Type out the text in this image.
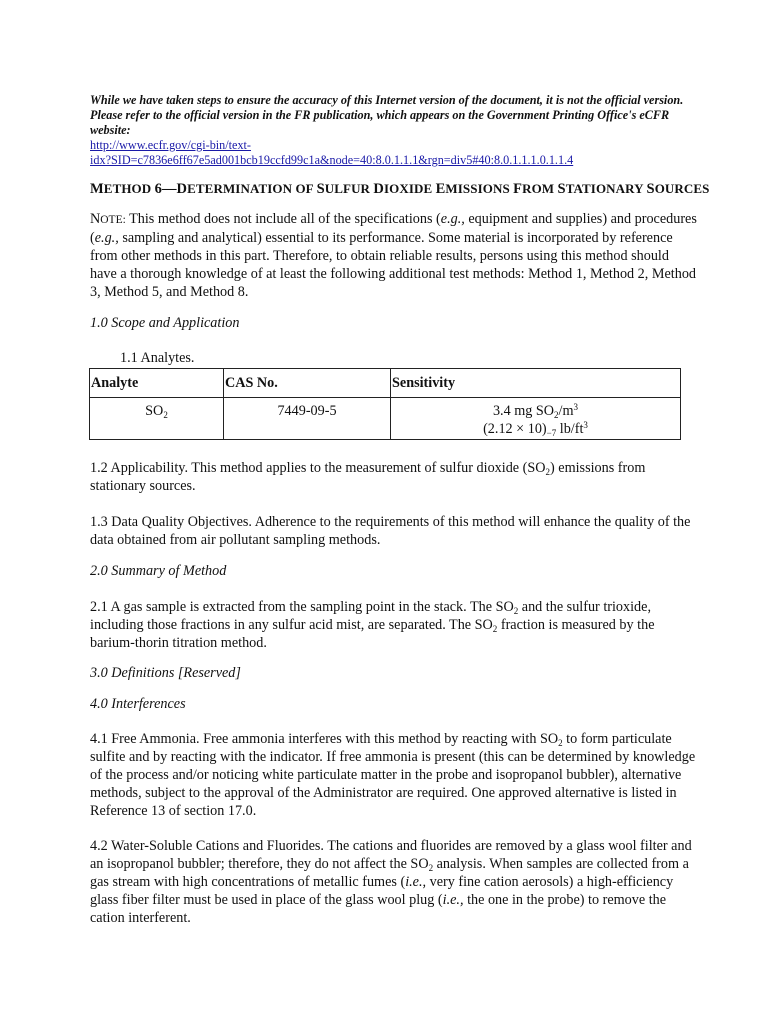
While we have taken steps to ensure the accuracy of this Internet version of the document, it is not the official version. Please refer to the official version in the FR publication, which appears on the Government Printing Office's eCFR website:
http://www.ecfr.gov/cgi-bin/text-
idx?SID=c7836e6ff67e5ad001bcb19ccfd99c1a&node=40:8.0.1.1.1&rgn=div5#40:8.0.1.1.1.0.1.1.4
METHOD 6—DETERMINATION OF SULFUR DIOXIDE EMISSIONS FROM STATIONARY SOURCES
NOTE: This method does not include all of the specifications (e.g., equipment and supplies) and procedures (e.g., sampling and analytical) essential to its performance. Some material is incorporated by reference from other methods in this part. Therefore, to obtain reliable results, persons using this method should have a thorough knowledge of at least the following additional test methods: Method 1, Method 2, Method 3, Method 5, and Method 8.
1.0 Scope and Application
1.1 Analytes.
Analyte	CAS No.	Sensitivity
$SO_2$	7449-09-5	3.4 mg $SO_2/m^3$
$(2.12 \times 10)_{-7}$ $lb/ft^3$
1.2 Applicability. This method applies to the measurement of sulfur dioxide $(SO_2)$ emissions from stationary sources.
1.3 Data Quality Objectives. Adherence to the requirements of this method will enhance the quality of the data obtained from air pollutant sampling methods.
2.0 Summary of Method
2.1 A gas sample is extracted from the sampling point in the stack. The $SO_2$ and the sulfur trioxide, including those fractions in any sulfur acid mist, are separated. The $SO_2$ fraction is measured by the barium-thorin titration method.
3.0 Definitions [Reserved]
4.0 Interferences
4.1 Free Ammonia. Free ammonia interferes with this method by reacting with $SO_2$ to form particulate sulfite and by reacting with the indicator. If free ammonia is present (this can be determined by knowledge of the process and/or noticing white particulate matter in the probe and isopropanol bubbler), alternative methods, subject to the approval of the Administrator are required. One approved alternative is listed in Reference 13 of section 17.0.
4.2 Water-Soluble Cations and Fluorides. The cations and fluorides are removed by a glass wool filter and an isopropanol bubbler; therefore, they do not affect the $SO_2$ analysis. When samples are collected from a gas stream with high concentrations of metallic fumes (i.e., very fine cation aerosols) a high-efficiency glass fiber filter must be used in place of the glass wool plug (i.e., the one in the probe) to remove the cation interferent.
